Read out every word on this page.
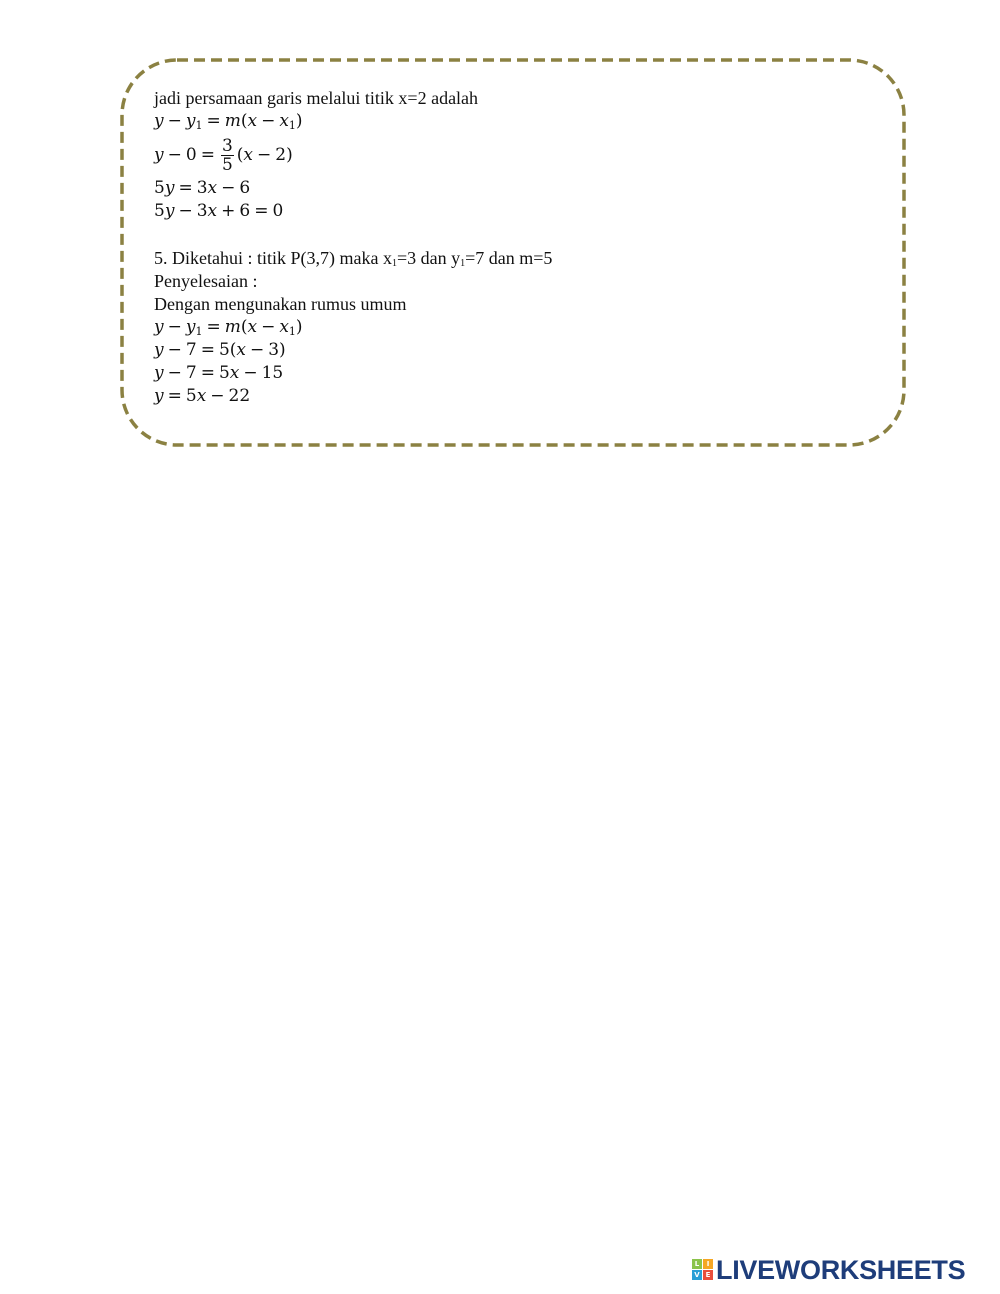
jadi persamaan garis melalui titik x=2 adalah
$y - y_1 = m(x - x_1)$
$y - 0 = \frac{3}{5}$ ( x − 2)
5y = 3x − 6
5y − 3x + 6 = 0
5. Diketahui : titik P(3,7) maka x1=3 dan y1=7 dan m=5
Penyelesaian :
Dengan mengunakan rumus umum
$y - y_1 = m(x - x_1)$
y − 7 = 5(x − 3)
y − 7 = 5x − 15
y = 5x − 22
L	I
V E LIVEWORKSHEETS
